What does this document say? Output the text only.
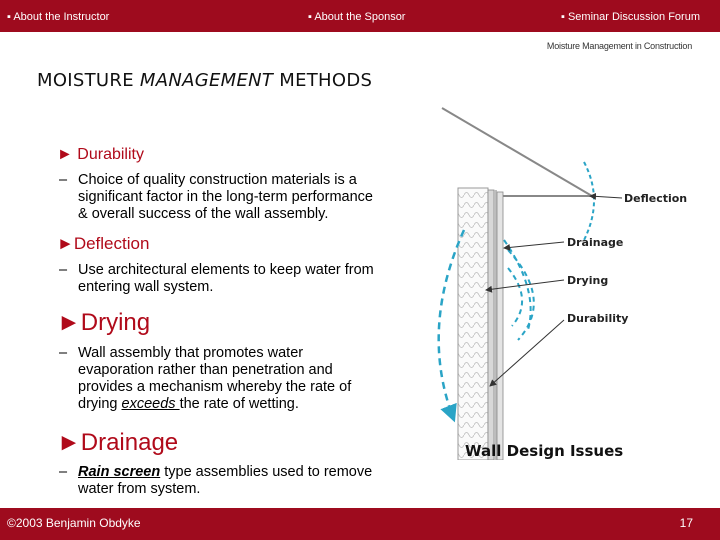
▪ About the Instructor	▪ About the Sponsor	▪ Seminar Discussion Forum
Moisture Management in Construction
MOISTURE MANAGEMENT METHODS
► Durability
– Choice of quality construction materials is a
significant factor in the long-term performance
& overall success of the wall assembly.
►Deflection
– Use architectural elements to keep water from
entering wall system.
►Drying
– Wall assembly that promotes water
evaporation rather than penetration and
provides a mechanism whereby the rate of
drying exceeds the rate of wetting.
►Drainage
– Rain screen type assemblies used to remove
water from system.
Deflection
Drainage
Drying
Durability
Wall Design Issues
©2003 Benjamin Obdyke	17
